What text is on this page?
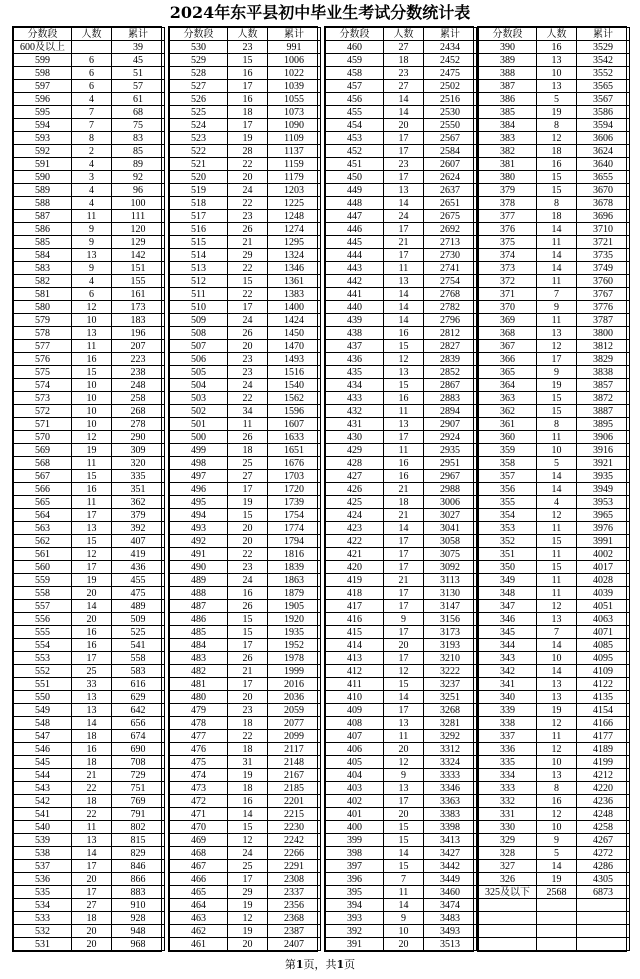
2024年东平县初中毕业生考试分数统计表
分数段	人数	累计
600及以上		39
599	6	45
598	6	51
597	6	57
596	4	61
595	7	68
594	7	75
593	8	83
592	2	85
591	4	89
590	3	92
589	4	96
588	4	100
587	11	111
586	9	120
585	9	129
584	13	142
583	9	151
582	4	155
581	6	161
580	12	173
579	10	183
578	13	196
577	11	207
576	16	223
575	15	238
574	10	248
573	10	258
572	10	268
571	10	278
570	12	290
569	19	309
568	11	320
567	15	335
566	16	351
565	11	362
564	17	379
563	13	392
562	15	407
561	12	419
560	17	436
559	19	455
558	20	475
557	14	489
556	20	509
555	16	525
554	16	541
553	17	558
552	25	583
551	33	616
550	13	629
549	13	642
548	14	656
547	18	674
546	16	690
545	18	708
544	21	729
543	22	751
542	18	769
541	22	791
540	11	802
539	13	815
538	14	829
537	17	846
536	20	866
535	17	883
534	27	910
533	18	928
532	20	948
531	20	968
分数段	人数	累计
530	23	991
529	15	1006
528	16	1022
527	17	1039
526	16	1055
525	18	1073
524	17	1090
523	19	1109
522	28	1137
521	22	1159
520	20	1179
519	24	1203
518	22	1225
517	23	1248
516	26	1274
515	21	1295
514	29	1324
513	22	1346
512	15	1361
511	22	1383
510	17	1400
509	24	1424
508	26	1450
507	20	1470
506	23	1493
505	23	1516
504	24	1540
503	22	1562
502	34	1596
501	11	1607
500	26	1633
499	18	1651
498	25	1676
497	27	1703
496	17	1720
495	19	1739
494	15	1754
493	20	1774
492	20	1794
491	22	1816
490	23	1839
489	24	1863
488	16	1879
487	26	1905
486	15	1920
485	15	1935
484	17	1952
483	26	1978
482	21	1999
481	17	2016
480	20	2036
479	23	2059
478	18	2077
477	22	2099
476	18	2117
475	31	2148
474	19	2167
473	18	2185
472	16	2201
471	14	2215
470	15	2230
469	12	2242
468	24	2266
467	25	2291
466	17	2308
465	29	2337
464	19	2356
463	12	2368
462	19	2387
461	20	2407
分数段	人数	累计
460	27	2434
459	18	2452
458	23	2475
457	27	2502
456	14	2516
455	14	2530
454	20	2550
453	17	2567
452	17	2584
451	23	2607
450	17	2624
449	13	2637
448	14	2651
447	24	2675
446	17	2692
445	21	2713
444	17	2730
443	11	2741
442	13	2754
441	14	2768
440	14	2782
439	14	2796
438	16	2812
437	15	2827
436	12	2839
435	13	2852
434	15	2867
433	16	2883
432	11	2894
431	13	2907
430	17	2924
429	11	2935
428	16	2951
427	16	2967
426	21	2988
425	18	3006
424	21	3027
423	14	3041
422	17	3058
421	17	3075
420	17	3092
419	21	3113
418	17	3130
417	17	3147
416	9	3156
415	17	3173
414	20	3193
413	17	3210
412	12	3222
411	15	3237
410	14	3251
409	17	3268
408	13	3281
407	11	3292
406	20	3312
405	12	3324
404	9	3333
403	13	3346
402	17	3363
401	20	3383
400	15	3398
399	15	3413
398	14	3427
397	15	3442
396	7	3449
395	11	3460
394	14	3474
393	9	3483
392	10	3493
391	20	3513
分数段	人数	累计
390	16	3529
389	13	3542
388	10	3552
387	13	3565
386	5	3567
385	19	3586
384	8	3594
383	12	3606
382	18	3624
381	16	3640
380	15	3655
379	15	3670
378	8	3678
377	18	3696
376	14	3710
375	11	3721
374	14	3735
373	14	3749
372	11	3760
371	7	3767
370	9	3776
369	11	3787
368	13	3800
367	12	3812
366	17	3829
365	9	3838
364	19	3857
363	15	3872
362	15	3887
361	8	3895
360	11	3906
359	10	3916
358	5	3921
357	14	3935
356	14	3949
355	4	3953
354	12	3965
353	11	3976
352	15	3991
351	11	4002
350	15	4017
349	11	4028
348	11	4039
347	12	4051
346	13	4063
345	7	4071
344	14	4085
343	10	4095
342	14	4109
341	13	4122
340	13	4135
339	19	4154
338	12	4166
337	11	4177
336	12	4189
335	10	4199
334	13	4212
333	8	4220
332	16	4236
331	12	4248
330	10	4258
329	9	4267
328	5	4272
327	14	4286
326	19	4305
325及以下	2568	6873

第1页，共1页
